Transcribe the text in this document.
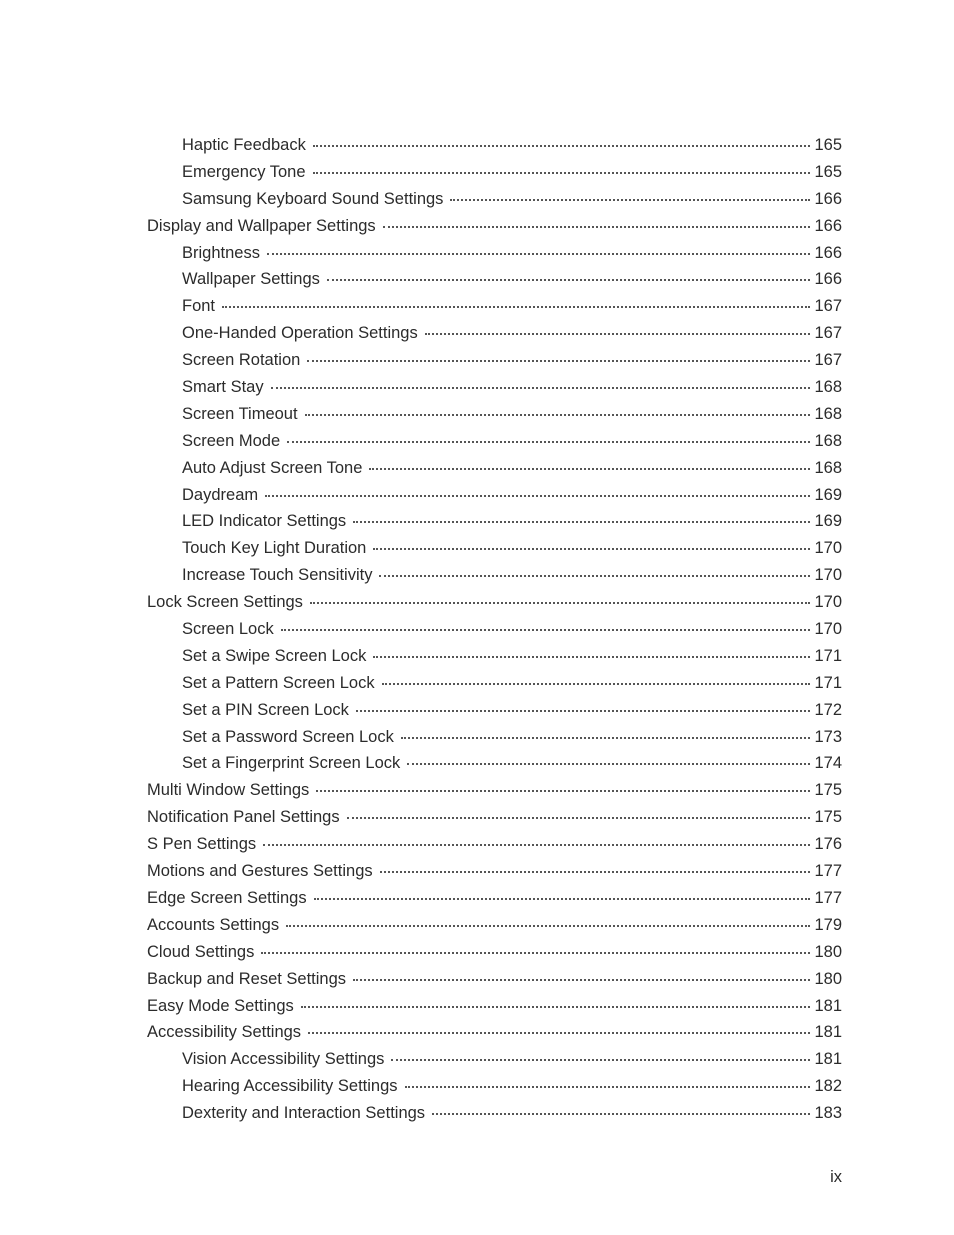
Haptic Feedback	165
Emergency Tone	165
Samsung Keyboard Sound Settings	166
Display and Wallpaper Settings	166
Brightness	166
Wallpaper Settings	166
Font	167
One-Handed Operation Settings	167
Screen Rotation	167
Smart Stay	168
Screen Timeout	168
Screen Mode	168
Auto Adjust Screen Tone	168
Daydream	169
LED Indicator Settings	169
Touch Key Light Duration	170
Increase Touch Sensitivity	170
Lock Screen Settings	170
Screen Lock	170
Set a Swipe Screen Lock	171
Set a Pattern Screen Lock	171
Set a PIN Screen Lock	172
Set a Password Screen Lock	173
Set a Fingerprint Screen Lock	174
Multi Window Settings	175
Notification Panel Settings	175
S Pen Settings	176
Motions and Gestures Settings	177
Edge Screen Settings	177
Accounts Settings	179
Cloud Settings	180
Backup and Reset Settings	180
Easy Mode Settings	181
Accessibility Settings	181
Vision Accessibility Settings	181
Hearing Accessibility Settings	182
Dexterity and Interaction Settings	183
ix
